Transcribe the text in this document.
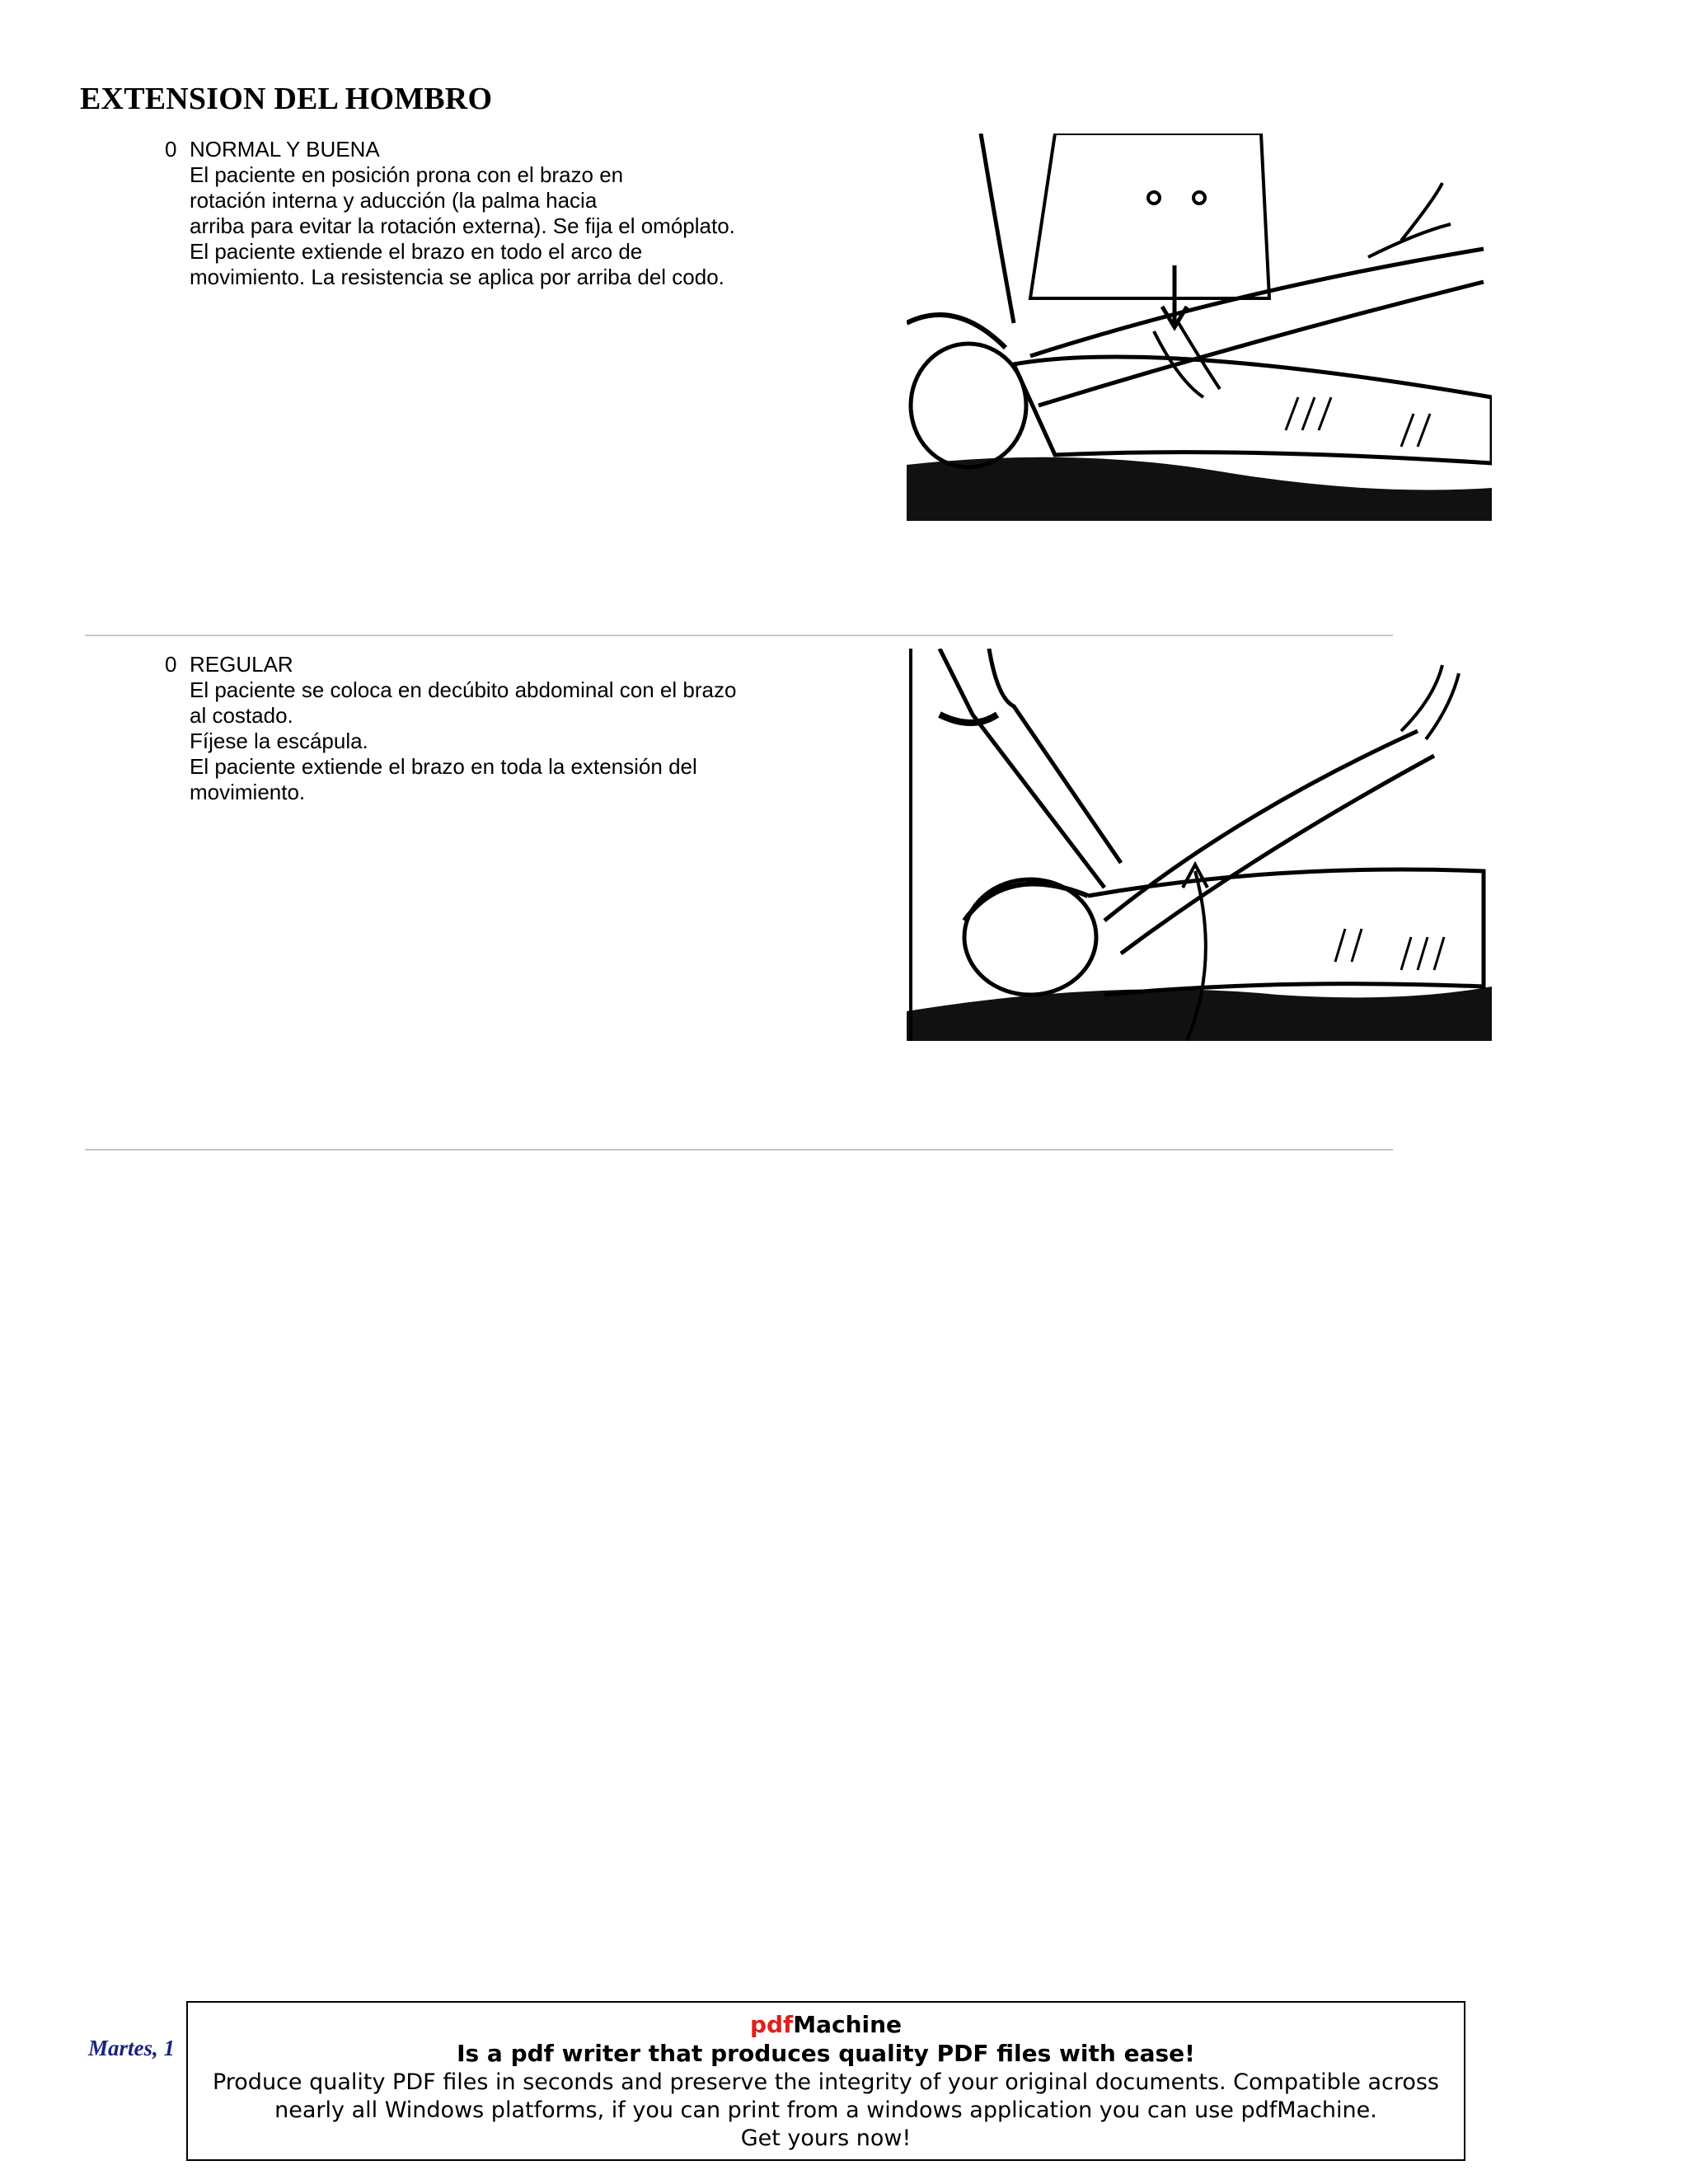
EXTENSION DEL HOMBRO
0 NORMAL Y BUENA
El paciente en posición prona con el brazo en
rotación interna y aducción (la palma hacia
arriba para evitar la rotación externa). Se fija el omóplato.
El paciente extiende el brazo en todo el arco de
movimiento. La resistencia se aplica por arriba del codo.
0 REGULAR
El paciente se coloca en decúbito abdominal con el brazo
al costado.
Fíjese la escápula.
El paciente extiende el brazo en toda la extensión del
movimiento.
Martes, 1
pdfMachine
Is a pdf writer that produces quality PDF files with ease!
Produce quality PDF files in seconds and preserve the integrity of your original documents. Compatible across
nearly all Windows platforms, if you can print from a windows application you can use pdfMachine.
Get yours now!
